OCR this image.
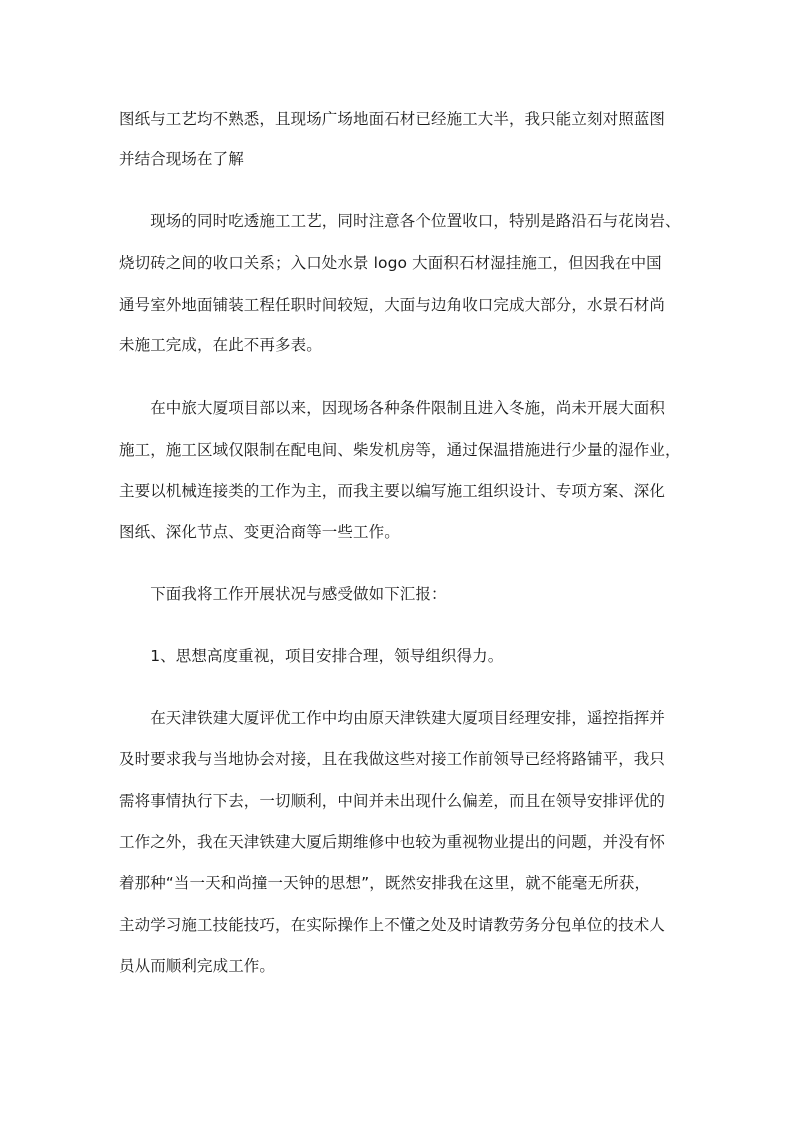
图纸与工艺均不熟悉，且现场广场地面石材已经施工大半，我只能立刻对照蓝图
并结合现场在了解
　　现场的同时吃透施工工艺，同时注意各个位置收口，特别是路沿石与花岗岩、
烧切砖之间的收口关系；入口处水景 logo 大面积石材湿挂施工，但因我在中国
通号室外地面铺装工程任职时间较短，大面与边角收口完成大部分，水景石材尚
未施工完成，在此不再多表。
　　在中旅大厦项目部以来，因现场各种条件限制且进入冬施，尚未开展大面积
施工，施工区域仅限制在配电间、柴发机房等，通过保温措施进行少量的湿作业，
主要以机械连接类的工作为主，而我主要以编写施工组织设计、专项方案、深化
图纸、深化节点、变更洽商等一些工作。
　　下面我将工作开展状况与感受做如下汇报：
　　1、思想高度重视，项目安排合理，领导组织得力。
　　在天津铁建大厦评优工作中均由原天津铁建大厦项目经理安排，遥控指挥并
及时要求我与当地协会对接，且在我做这些对接工作前领导已经将路铺平，我只
需将事情执行下去，一切顺利，中间并未出现什么偏差，而且在领导安排评优的
工作之外，我在天津铁建大厦后期维修中也较为重视物业提出的问题，并没有怀
着那种“当一天和尚撞一天钟的思想”，既然安排我在这里，就不能毫无所获，
主动学习施工技能技巧，在实际操作上不懂之处及时请教劳务分包单位的技术人
员从而顺利完成工作。
